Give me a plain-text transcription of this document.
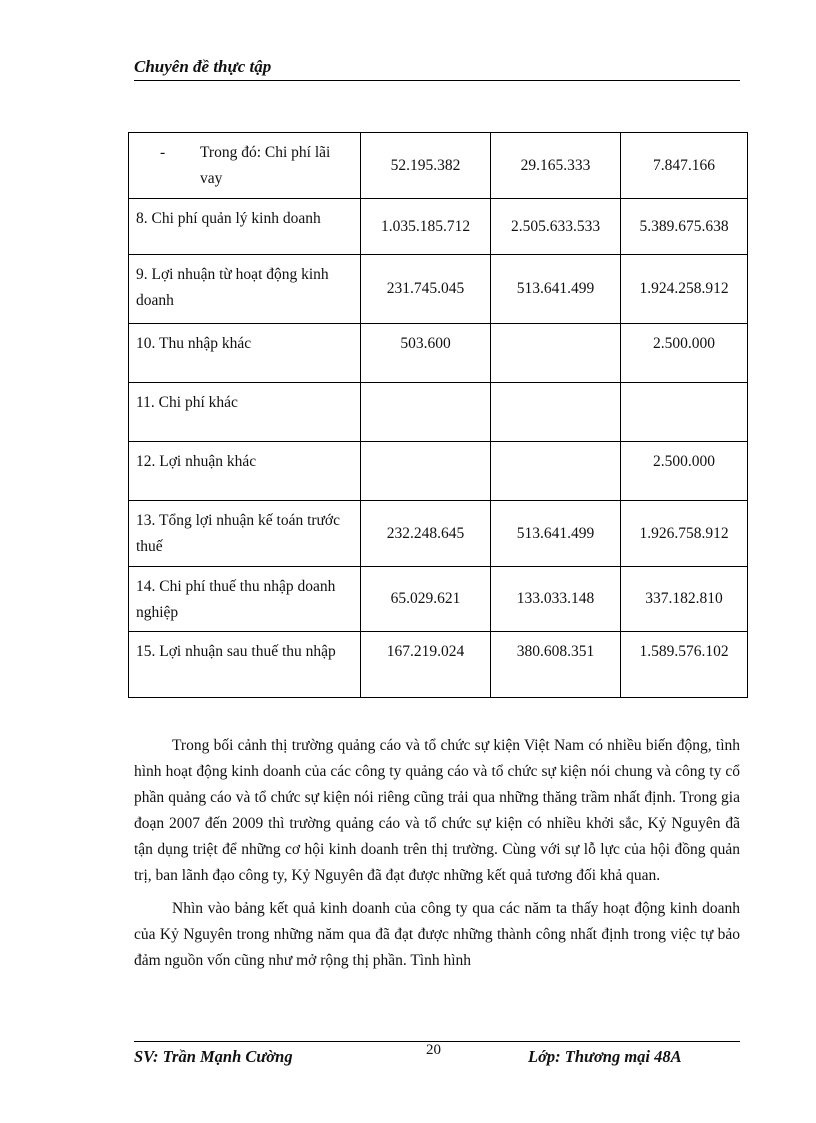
Chuyên đề thực tập
- Trong đó: Chi phí lãi vay	52.195.382	29.165.333	7.847.166
8. Chi phí quản lý kinh doanh	1.035.185.712	2.505.633.533	5.389.675.638
9. Lợi nhuận từ hoạt động kinh doanh	231.745.045	513.641.499	1.924.258.912
10. Thu nhập khác	503.600		2.500.000
11. Chi phí khác			
12. Lợi nhuận khác			2.500.000
13. Tổng lợi nhuận kế toán trước thuế	232.248.645	513.641.499	1.926.758.912
14. Chi phí thuế thu nhập doanh nghiệp	65.029.621	133.033.148	337.182.810
15. Lợi nhuận sau thuế thu nhập	167.219.024	380.608.351	1.589.576.102

Trong bối cảnh thị trường quảng cáo và tổ chức sự kiện Việt Nam có nhiều biến động, tình hình hoạt động kinh doanh của các công ty quảng cáo và tổ chức sự kiện nói chung và công ty cổ phần quảng cáo và tổ chức sự kiện nói riêng cũng trải qua những thăng trầm nhất định. Trong gia đoạn 2007 đến 2009 thì trường quảng cáo và tổ chức sự kiện có nhiều khởi sắc, Kỷ Nguyên đã tận dụng triệt để những cơ hội kinh doanh trên thị trường. Cùng với sự lỗ lực của hội đồng quản trị, ban lãnh đạo công ty, Kỷ Nguyên đã đạt được những kết quả tương đối khả quan.

Nhìn vào bảng kết quả kinh doanh của công ty qua các năm ta thấy hoạt động kinh doanh của Kỷ Nguyên trong những năm qua đã đạt được những thành công nhất định trong việc tự bảo đảm nguồn vốn cũng như mở rộng thị phần. Tình hình

SV: Trần Mạnh Cường	20	Lớp: Thương mại 48A
